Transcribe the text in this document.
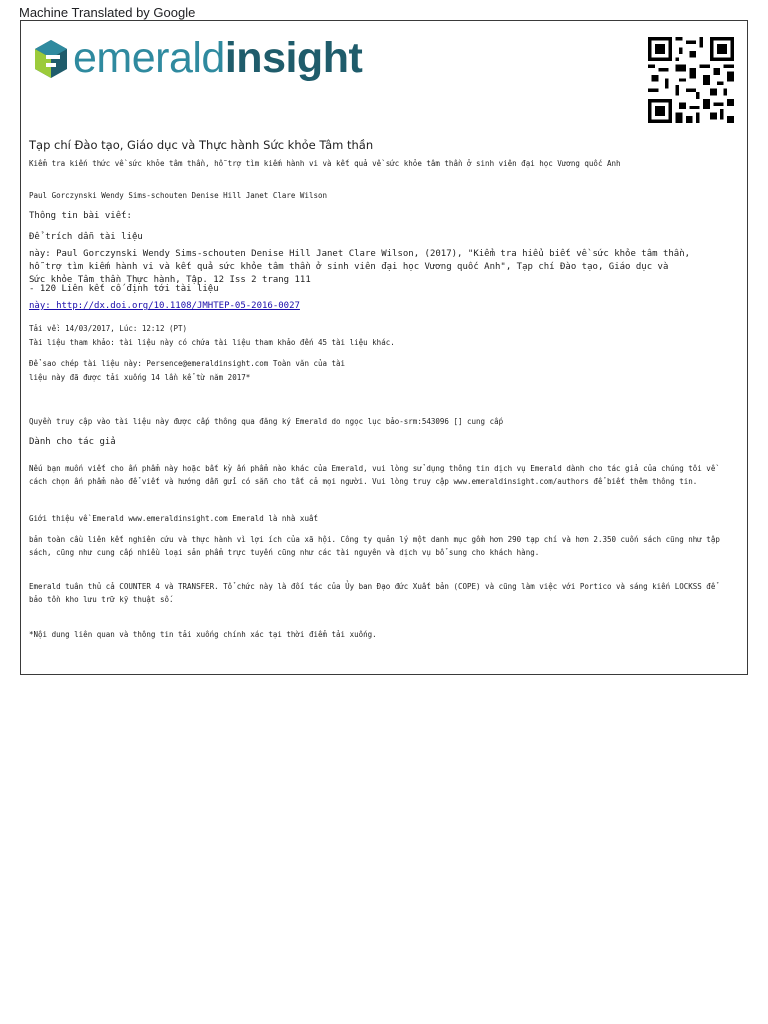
Machine Translated by Google
emeraldinsight
Tạp chí Đào tạo, Giáo dục và Thực hành Sức khỏe Tâm thần
Kiểm tra kiến thức về sức khỏe tâm thần, hỗ trợ tìm kiếm hành vi và kết quả về sức khỏe tâm thần ở sinh viên đại học Vương quốc Anh
Paul Gorczynski Wendy Sims-schouten Denise Hill Janet Clare Wilson
Thông tin bài viết:
Để trích dẫn tài liệu
này: Paul Gorczynski Wendy Sims-schouten Denise Hill Janet Clare Wilson, (2017), "Kiểm tra hiểu biết về sức khỏe tâm thần,
hỗ trợ tìm kiếm hành vi và kết quả sức khỏe tâm thần ở sinh viên đại học Vương quốc Anh", Tạp chí Đào tạo, Giáo dục và
Sức khỏe Tâm thần Thực hành, Tập. 12 Iss 2 trang 111
- 120 Liên kết cố định tới tài liệu
này: http://dx.doi.org/10.1108/JMHTEP-05-2016-0027
Tải về: 14/03/2017, Lúc: 12:12 (PT)
Tài liệu tham khảo: tài liệu này có chứa tài liệu tham khảo đến 45 tài liệu khác.
Để sao chép tài liệu này: Persence@emeraldinsight.com Toàn văn của tài
liệu này đã được tải xuống 14 lần kể từ năm 2017*
Quyền truy cập vào tài liệu này được cấp thông qua đăng ký Emerald do ngọc lục bảo-srm:543096 [] cung cấp
Dành cho tác giả
Nếu bạn muốn viết cho ấn phẩm này hoặc bất kỳ ấn phẩm nào khác của Emerald, vui lòng sử dụng thông tin dịch vụ Emerald dành cho tác giả của chúng tôi về cách chọn ấn phẩm nào để viết và hướng dẫn gửi có sẵn cho tất cả mọi người. Vui lòng truy cập www.emeraldinsight.com/authors để biết thêm thông tin.
Giới thiệu về Emerald www.emeraldinsight.com Emerald là nhà xuất
bản toàn cầu liên kết nghiên cứu và thực hành vì lợi ích của xã hội. Công ty quản lý một danh mục gồm hơn 290 tạp chí và hơn 2.350 cuốn sách cũng như tập sách, cũng như cung cấp nhiều loại sản phẩm trực tuyến cũng như các tài nguyên và dịch vụ bổ sung cho khách hàng.
Emerald tuân thủ cả COUNTER 4 và TRANSFER. Tổ chức này là đối tác của Ủy ban Đạo đức Xuất bản (COPE) và cũng làm việc với Portico và sáng kiến LOCKSS để bảo tồn kho lưu trữ kỹ thuật số.
*Nội dung liên quan và thông tin tải xuống chính xác tại thời điểm tải xuống.
